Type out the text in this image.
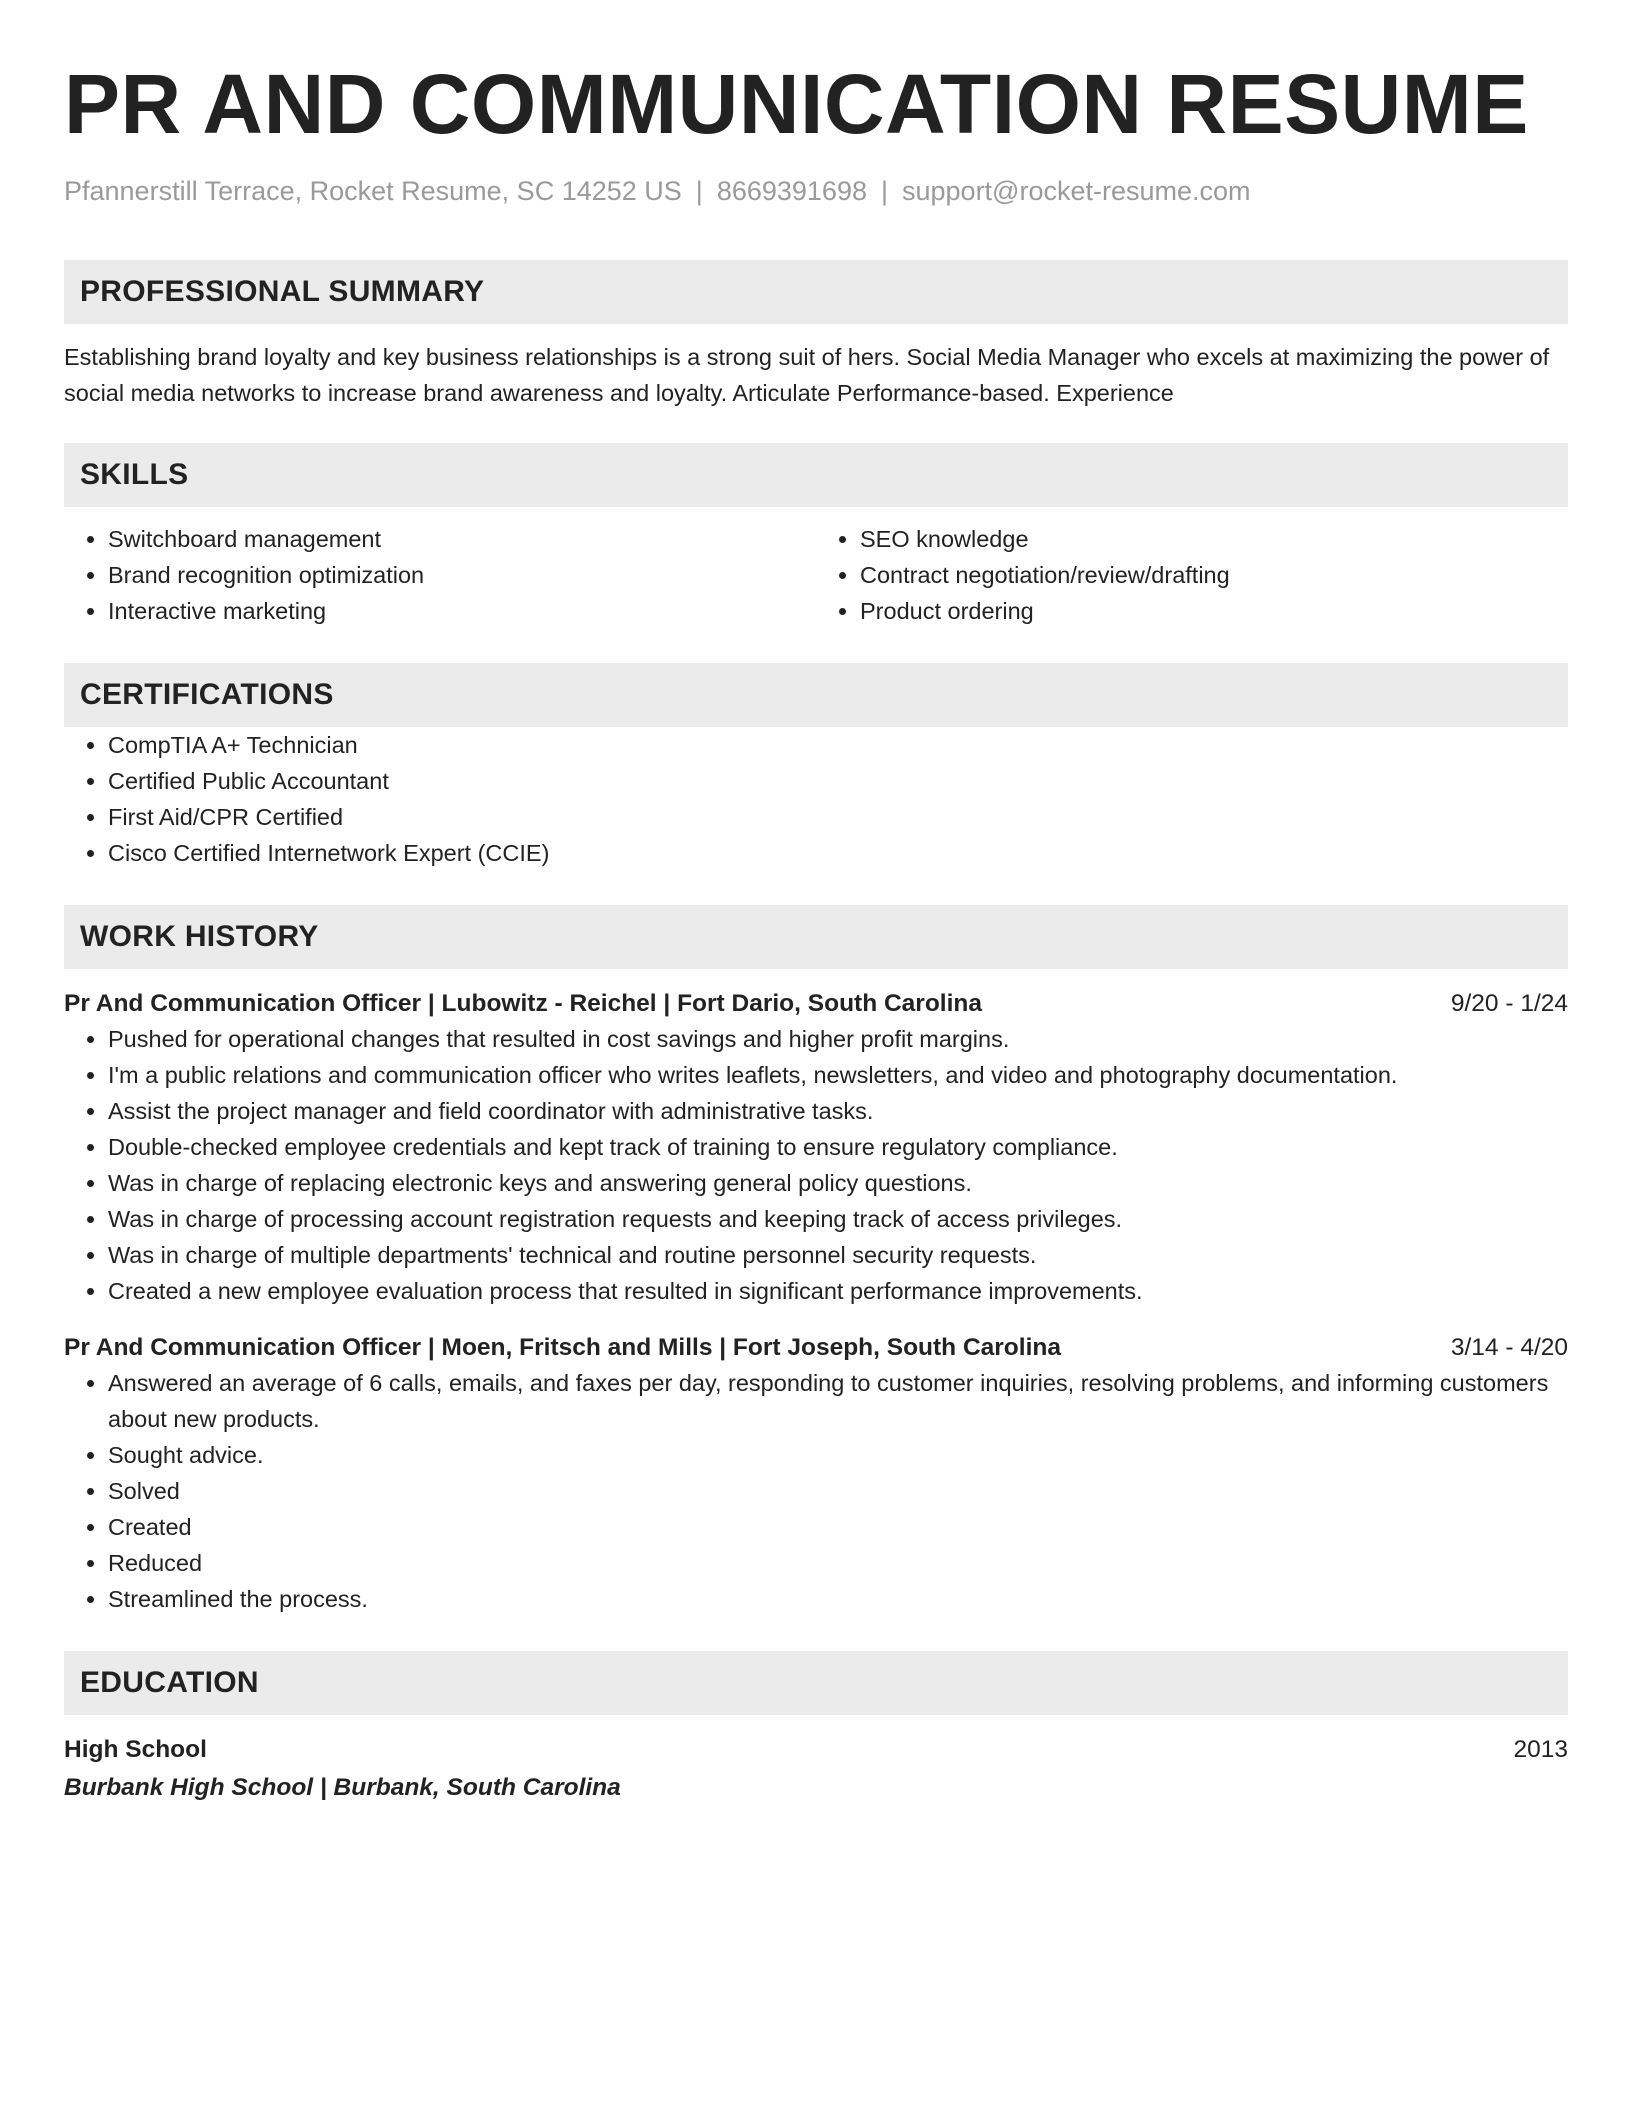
PR AND COMMUNICATION RESUME
Pfannerstill Terrace, Rocket Resume, SC 14252 US | 8669391698 | support@rocket-resume.com
PROFESSIONAL SUMMARY
Establishing brand loyalty and key business relationships is a strong suit of hers. Social Media Manager who excels at maximizing the power of social media networks to increase brand awareness and loyalty. Articulate Performance-based. Experience
SKILLS
• Switchboard management
• Brand recognition optimization
• Interactive marketing
• SEO knowledge
• Contract negotiation/review/drafting
• Product ordering
CERTIFICATIONS
• CompTIA A+ Technician
• Certified Public Accountant
• First Aid/CPR Certified
• Cisco Certified Internetwork Expert (CCIE)
WORK HISTORY
Pr And Communication Officer | Lubowitz - Reichel | Fort Dario, South Carolina	9/20 - 1/24
• Pushed for operational changes that resulted in cost savings and higher profit margins.
• I'm a public relations and communication officer who writes leaflets, newsletters, and video and photography documentation.
• Assist the project manager and field coordinator with administrative tasks.
• Double-checked employee credentials and kept track of training to ensure regulatory compliance.
• Was in charge of replacing electronic keys and answering general policy questions.
• Was in charge of processing account registration requests and keeping track of access privileges.
• Was in charge of multiple departments' technical and routine personnel security requests.
• Created a new employee evaluation process that resulted in significant performance improvements.
Pr And Communication Officer | Moen, Fritsch and Mills | Fort Joseph, South Carolina	3/14 - 4/20
• Answered an average of 6 calls, emails, and faxes per day, responding to customer inquiries, resolving problems, and informing customers about new products.
• Sought advice.
• Solved
• Created
• Reduced
• Streamlined the process.
EDUCATION
High School	2013
Burbank High School | Burbank, South Carolina
